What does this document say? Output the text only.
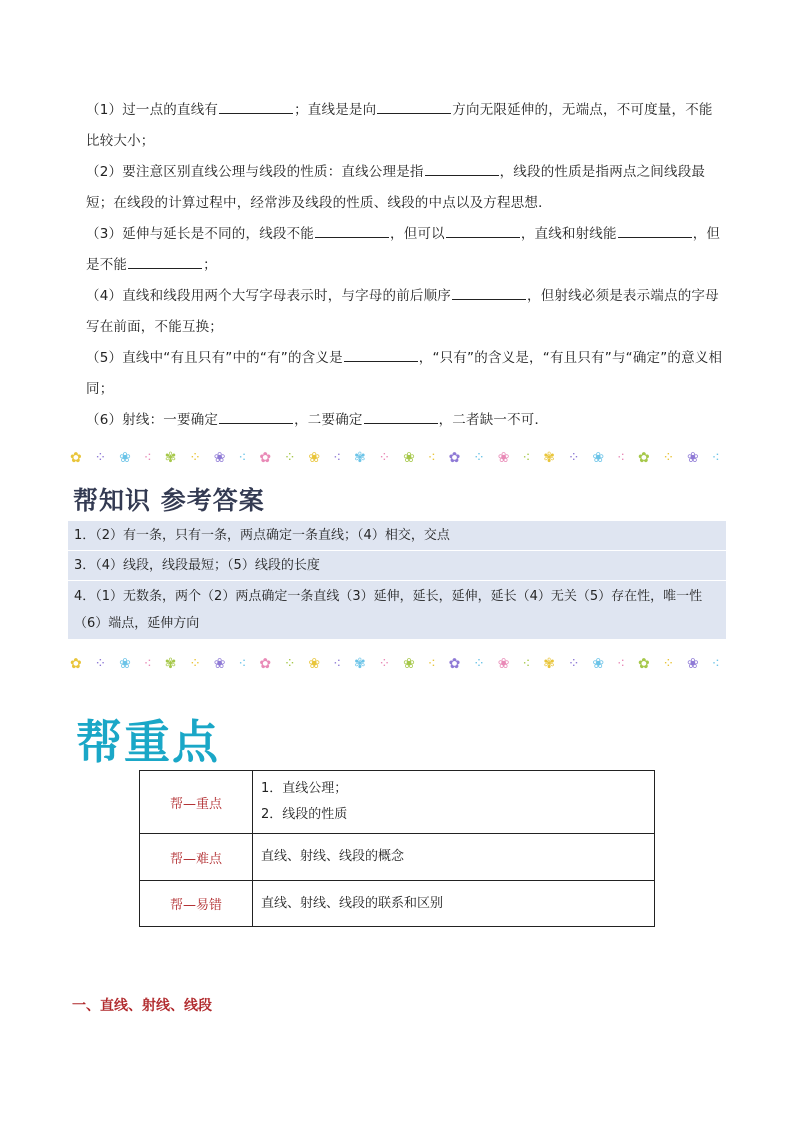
（1）过一点的直线有	；直线是是向	方向无限延伸的，无端点，不可度量，不能比较大小；

（2）要注意区别直线公理与线段的性质：直线公理是指	，线段的性质是指两点之间线段最短；在线段的计算过程中，经常涉及线段的性质、线段的中点以及方程思想．

（3）延伸与延长是不同的，线段不能	，但可以	，直线和射线能	，但是不能	；

（4）直线和线段用两个大写字母表示时，与字母的前后顺序	，但射线必须是表示端点的字母写在前面，不能互换；

（5）直线中“有且只有”中的“有”的含义是	，“只有”的含义是，“有且只有”与“确定”的意义相同；

（6）射线：一要确定	，二要确定	，二者缺一不可．

✿ ⁘ ❀ ⁖ ✾ ⁘ ❀ ⁖ ✿ ⁘ ❀ ⁖ ✾ ⁘ ❀ ⁖ ✿ ⁘ ❀ ⁖ ✾ ⁘ ❀ ⁖ ✿ ⁘ ❀ ⁖
帮知识 参考答案
1．（2）有一条，只有一条，两点确定一条直线；（4）相交，交点
3．（4）线段，线段最短；（5）线段的长度
4．（1）无数条，两个（2）两点确定一条直线（3）延伸，延长，延伸，延长（4）无关（5）存在性，唯一性（6）端点，延伸方向
✿ ⁘ ❀ ⁖ ✾ ⁘ ❀ ⁖ ✿ ⁘ ❀ ⁖ ✾ ⁘ ❀ ⁖ ✿ ⁘ ❀ ⁖ ✾ ⁘ ❀ ⁖ ✿ ⁘ ❀ ⁖
帮重点
帮—重点	1．直线公理；
2．线段的性质

帮—难点	直线、射线、线段的概念
帮—易错	直线、射线、线段的联系和区别
一、直线、射线、线段
